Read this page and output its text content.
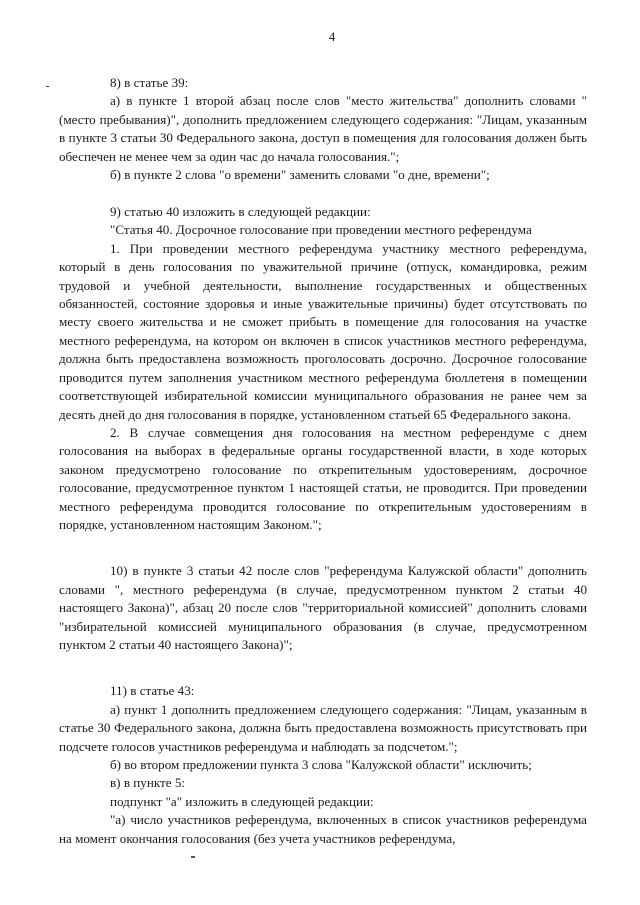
4

8) в статье 39:

а) в пункте 1 второй абзац после слов "место жительства" дополнить словами "(место пребывания)", дополнить предложением следующего содержания: "Лицам, указанным в пункте 3 статьи 30 Федерального закона, доступ в помещения для голосования должен быть обеспечен не менее чем за один час до начала голосования.";

б) в пункте 2 слова "о времени" заменить словами "о дне, времени";

9) статью 40 изложить в следующей редакции:

"Статья 40. Досрочное голосование при проведении местного референдума

1. При проведении местного референдума участнику местного референдума, который в день голосования по уважительной причине (отпуск, командировка, режим трудовой и учебной деятельности, выполнение государственных и общественных обязанностей, состояние здоровья и иные уважительные причины) будет отсутствовать по месту своего жительства и не сможет прибыть в помещение для голосования на участке местного референдума, на котором он включен в список участников местного референдума, должна быть предоставлена возможность проголосовать досрочно. Досрочное голосование проводится путем заполнения участником местного референдума бюллетеня в помещении соответствующей избирательной комиссии муниципального образования не ранее чем за десять дней до дня голосования в порядке, установленном статьей 65 Федерального закона.

2. В случае совмещения дня голосования на местном референдуме с днем голосования на выборах в федеральные органы государственной власти, в ходе которых законом предусмотрено голосование по открепительным удостоверениям, досрочное голосование, предусмотренное пунктом 1 настоящей статьи, не проводится. При проведении местного референдума проводится голосование по открепительным удостоверениям в порядке, установленном настоящим Законом.";

10) в пункте 3 статьи 42 после слов "референдума Калужской области" дополнить словами ", местного референдума (в случае, предусмотренном пунктом 2 статьи 40 настоящего Закона)", абзац 20 после слов "территориальной комиссией" дополнить словами "избирательной комиссией муниципального образования (в случае, предусмотренном пунктом 2 статьи 40 настоящего Закона)";

11) в статье 43:

а) пункт 1 дополнить предложением следующего содержания: "Лицам, указанным в статье 30 Федерального закона, должна быть предоставлена возможность присутствовать при подсчете голосов участников референдума и наблюдать за подсчетом.";

б) во втором предложении пункта 3 слова "Калужской области" исключить;

в) в пункте 5:

подпункт "а" изложить в следующей редакции:

"а) число участников референдума, включенных в список участников референдума на момент окончания голосования (без учета участников референдума,
